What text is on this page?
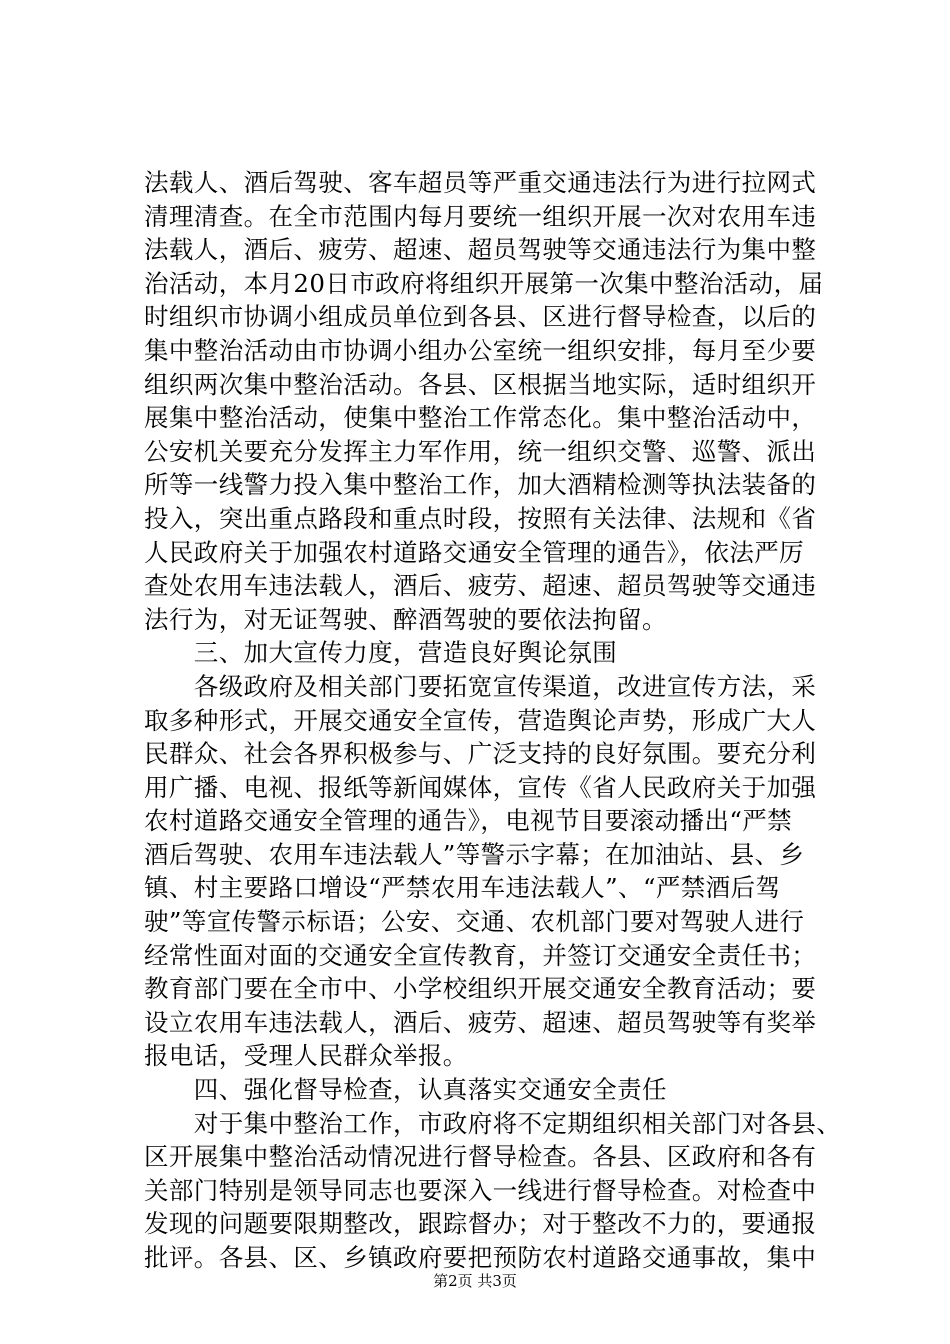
法载人、酒后驾驶、客车超员等严重交通违法行为进行拉网式
清理清查。在全市范围内每月要统一组织开展一次对农用车违
法载人，酒后、疲劳、超速、超员驾驶等交通违法行为集中整
治活动，本月20日市政府将组织开展第一次集中整治活动，届
时组织市协调小组成员单位到各县、区进行督导检查，以后的
集中整治活动由市协调小组办公室统一组织安排，每月至少要
组织两次集中整治活动。各县、区根据当地实际，适时组织开
展集中整治活动，使集中整治工作常态化。集中整治活动中，
公安机关要充分发挥主力军作用，统一组织交警、巡警、派出
所等一线警力投入集中整治工作，加大酒精检测等执法装备的
投入，突出重点路段和重点时段，按照有关法律、法规和《省
人民政府关于加强农村道路交通安全管理的通告》，依法严厉
查处农用车违法载人，酒后、疲劳、超速、超员驾驶等交通违
法行为，对无证驾驶、醉酒驾驶的要依法拘留。
　　三、加大宣传力度，营造良好舆论氛围
　　各级政府及相关部门要拓宽宣传渠道，改进宣传方法，采
取多种形式，开展交通安全宣传，营造舆论声势，形成广大人
民群众、社会各界积极参与、广泛支持的良好氛围。要充分利
用广播、电视、报纸等新闻媒体，宣传《省人民政府关于加强
农村道路交通安全管理的通告》，电视节目要滚动播出“严禁
酒后驾驶、农用车违法载人”等警示字幕；在加油站、县、乡
镇、村主要路口增设“严禁农用车违法载人”、“严禁酒后驾
驶”等宣传警示标语；公安、交通、农机部门要对驾驶人进行
经常性面对面的交通安全宣传教育，并签订交通安全责任书；
教育部门要在全市中、小学校组织开展交通安全教育活动；要
设立农用车违法载人，酒后、疲劳、超速、超员驾驶等有奖举
报电话，受理人民群众举报。
　　四、强化督导检查，认真落实交通安全责任
　　对于集中整治工作，市政府将不定期组织相关部门对各县、
区开展集中整治活动情况进行督导检查。各县、区政府和各有
关部门特别是领导同志也要深入一线进行督导检查。对检查中
发现的问题要限期整改，跟踪督办；对于整改不力的，要通报
批评。各县、区、乡镇政府要把预防农村道路交通事故，集中
第2页 共3页
